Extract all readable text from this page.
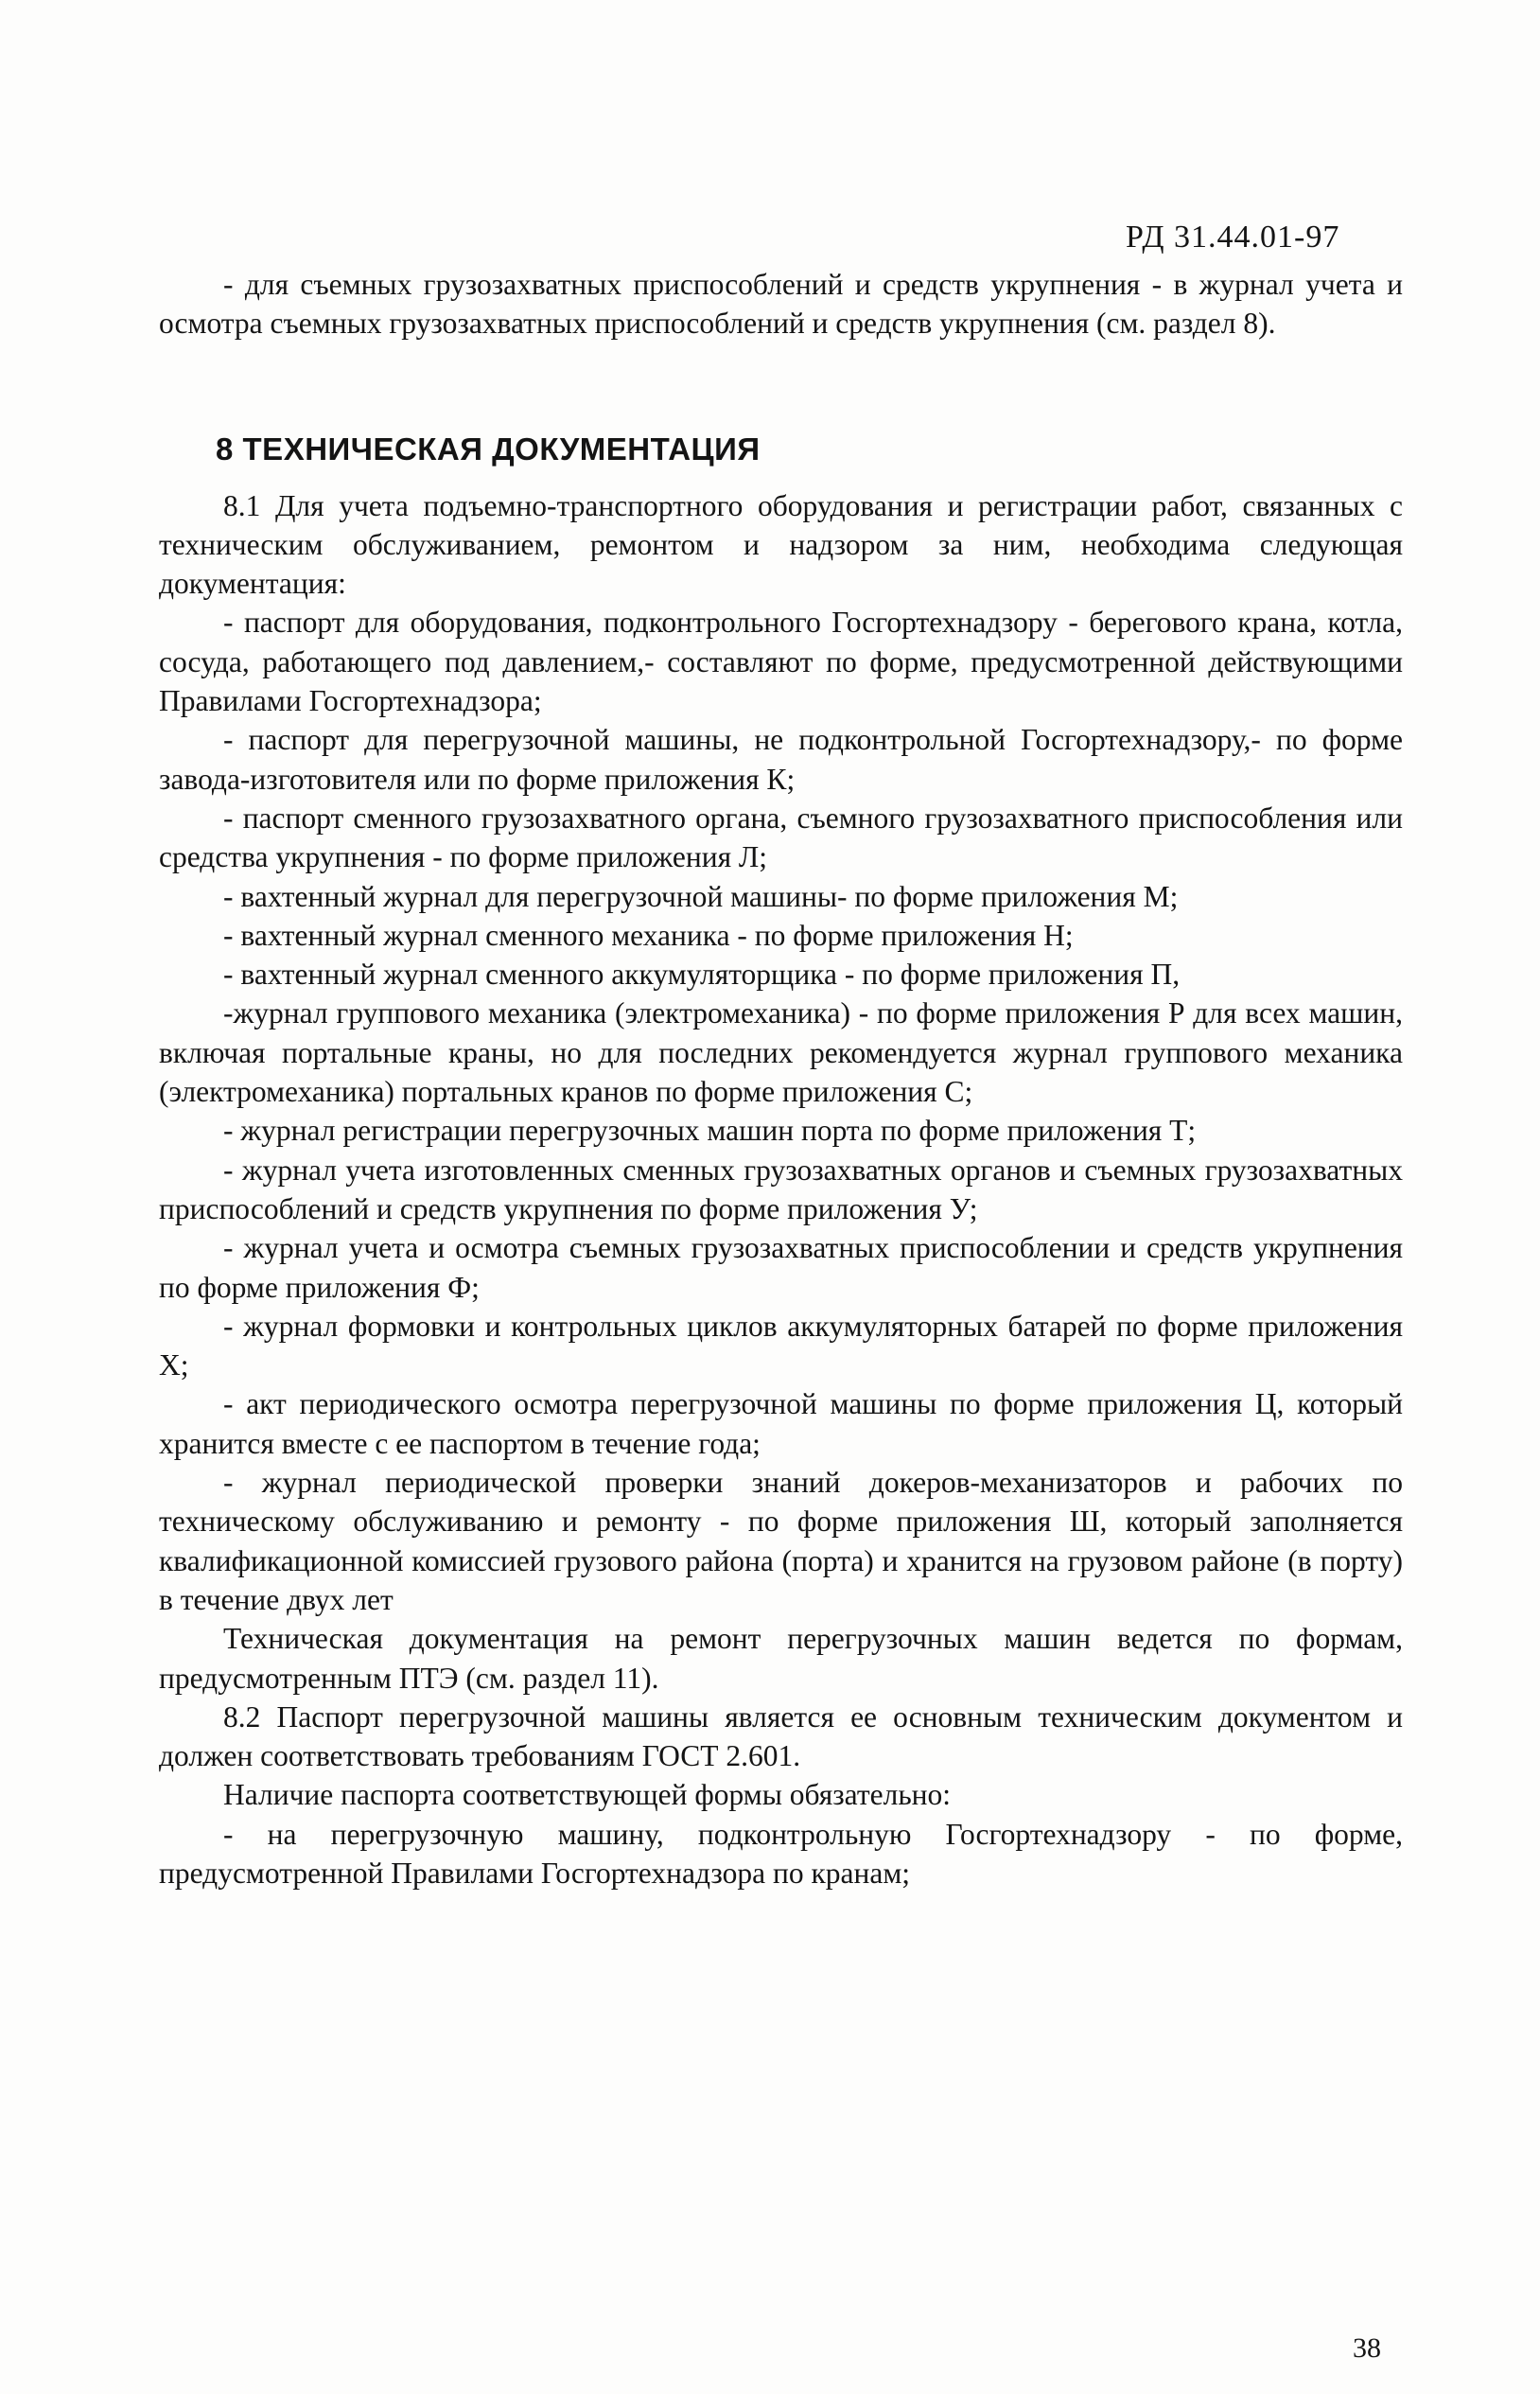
РД 31.44.01-97

- для съемных грузозахватных приспособлений и средств укрупнения - в журнал учета и осмотра съемных грузозахватных приспособлений и средств укрупнения (см. раздел 8).

8 ТЕХНИЧЕСКАЯ ДОКУМЕНТАЦИЯ

8.1 Для учета подъемно-транспортного оборудования и регистрации работ, связанных с техническим обслуживанием, ремонтом и надзором за ним, необходима следующая документация:

- паспорт для оборудования, подконтрольного Госгортехнадзору - берегового крана, котла, сосуда, работающего под давлением,- составляют по форме, предусмотренной действующими Правилами Госгортехнадзора;

- паспорт для перегрузочной машины, не подконтрольной Госгортехнадзору,- по форме завода-изготовителя или по форме приложения К;

- паспорт сменного грузозахватного органа, съемного грузозахватного приспособления или средства укрупнения - по форме приложения Л;

- вахтенный журнал для перегрузочной машины- по форме приложения М;

- вахтенный журнал сменного механика - по форме приложения Н;

- вахтенный журнал сменного аккумуляторщика - по форме приложения П,

-журнал группового механика (электромеханика) - по форме приложения Р для всех машин, включая портальные краны, но для последних рекомендуется журнал группового механика (электромеханика) портальных кранов по форме приложения С;

- журнал регистрации перегрузочных машин порта по форме приложения Т;

- журнал учета изготовленных сменных грузозахватных органов и съемных грузозахватных приспособлений и средств укрупнения по форме приложения У;

- журнал учета и осмотра съемных грузозахватных приспособлении и средств укрупнения по форме приложения Ф;

- журнал формовки и контрольных циклов аккумуляторных батарей по форме приложения Х;

- акт периодического осмотра перегрузочной машины по форме приложения Ц, который хранится вместе с ее паспортом в течение года;

- журнал периодической проверки знаний докеров-механизаторов и рабочих по техническому обслуживанию и ремонту - по форме приложения Ш, который заполняется квалификационной комиссией грузового района (порта) и хранится на грузовом районе (в порту) в течение двух лет

Техническая документация на ремонт перегрузочных машин ведется по формам, предусмотренным ПТЭ (см. раздел 11).

8.2 Паспорт перегрузочной машины является ее основным техническим документом и должен соответствовать требованиям ГОСТ 2.601.

Наличие паспорта соответствующей формы обязательно:

- на перегрузочную машину, подконтрольную Госгортехнадзору - по форме, предусмотренной Правилами Госгортехнадзора по кранам;

38
